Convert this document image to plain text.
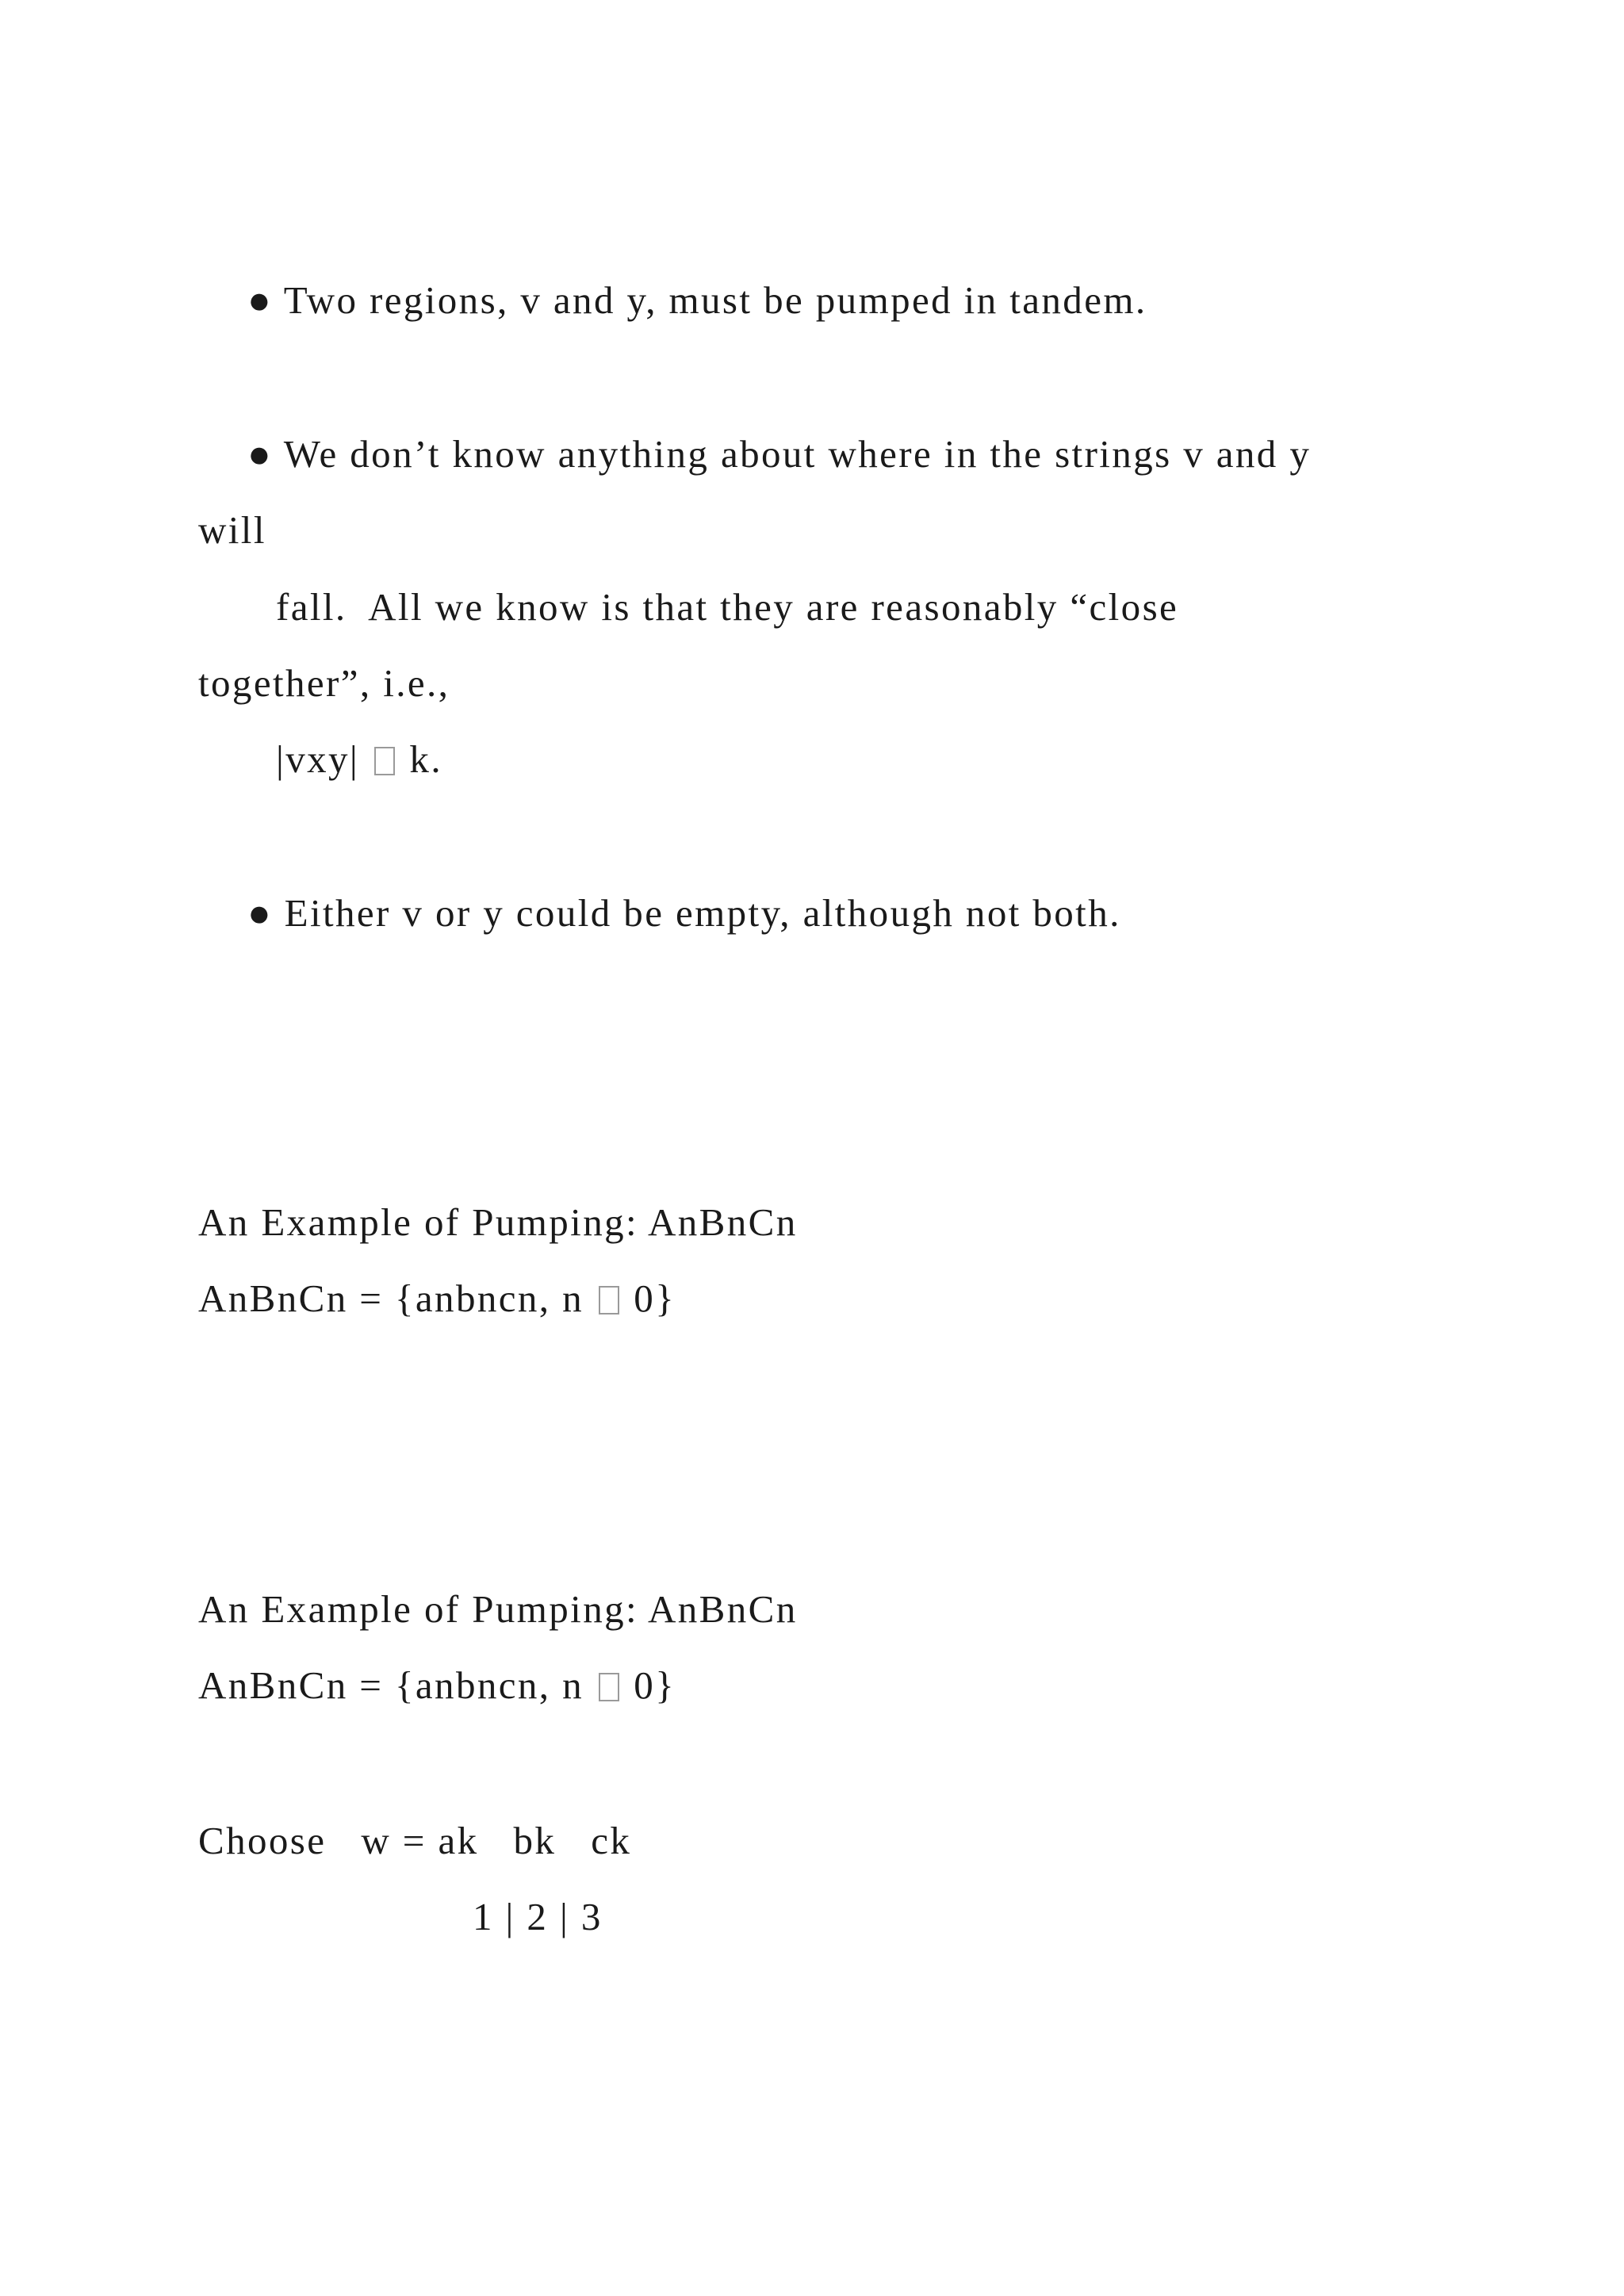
● Two regions, v and y, must be pumped in tandem.
● We don’t know anything about where in the strings v and y
will
fall.  All we know is that they are reasonably “close
together”, i.e.,
|vxy|  k.
● Either v or y could be empty, although not both.
An Example of Pumping: AnBnCn
AnBnCn = {anbncn, n  0}
An Example of Pumping: AnBnCn
AnBnCn = {anbncn, n  0}
Choose   w = ak   bk   ck
1 | 2 | 3
